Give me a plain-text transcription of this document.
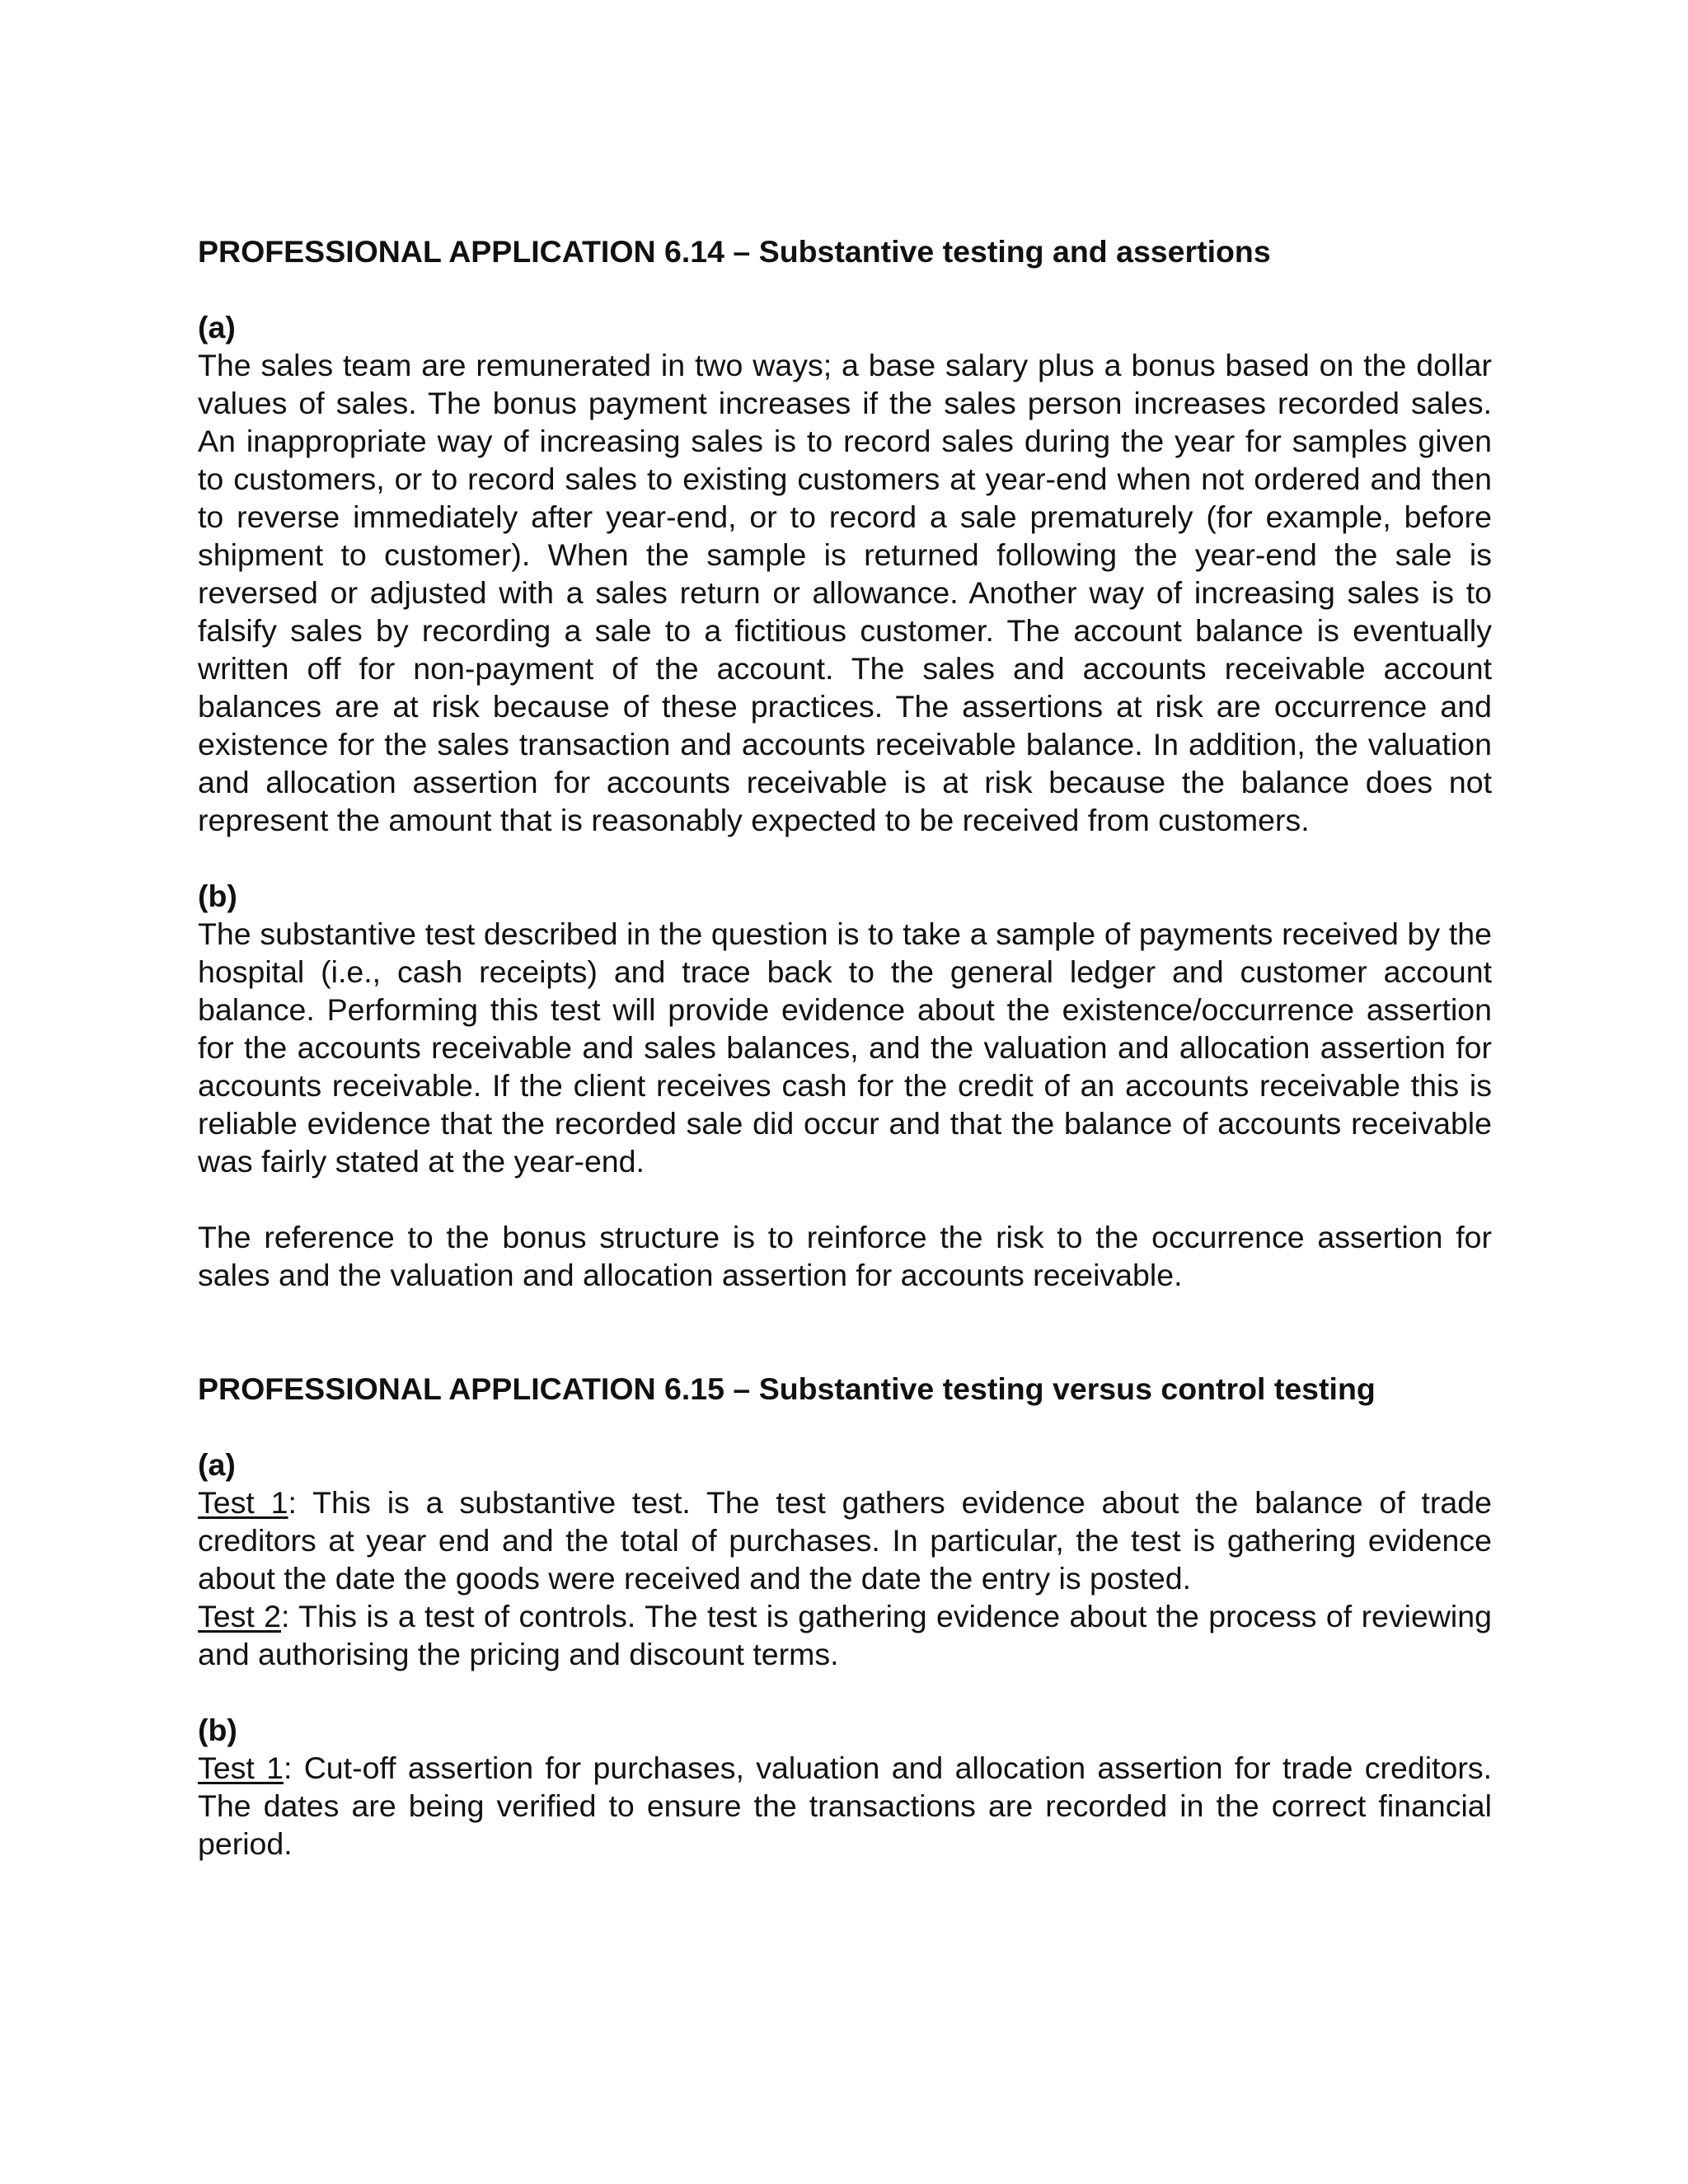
PROFESSIONAL APPLICATION 6.14 – Substantive testing and assertions

(a)

The sales team are remunerated in two ways; a base salary plus a bonus based on the dollar values of sales. The bonus payment increases if the sales person increases recorded sales. An inappropriate way of increasing sales is to record sales during the year for samples given to customers, or to record sales to existing customers at year-end when not ordered and then to reverse immediately after year-end, or to record a sale prematurely (for example, before shipment to customer). When the sample is returned following the year-end the sale is reversed or adjusted with a sales return or allowance. Another way of increasing sales is to falsify sales by recording a sale to a fictitious customer. The account balance is eventually written off for non-payment of the account. The sales and accounts receivable account balances are at risk because of these practices. The assertions at risk are occurrence and existence for the sales transaction and accounts receivable balance. In addition, the valuation and allocation assertion for accounts receivable is at risk because the balance does not represent the amount that is reasonably expected to be received from customers.

(b)

The substantive test described in the question is to take a sample of payments received by the hospital (i.e., cash receipts) and trace back to the general ledger and customer account balance. Performing this test will provide evidence about the existence/occurrence assertion for the accounts receivable and sales balances, and the valuation and allocation assertion for accounts receivable. If the client receives cash for the credit of an accounts receivable this is reliable evidence that the recorded sale did occur and that the balance of accounts receivable was fairly stated at the year-end.

The reference to the bonus structure is to reinforce the risk to the occurrence assertion for sales and the valuation and allocation assertion for accounts receivable.

PROFESSIONAL APPLICATION 6.15 – Substantive testing versus control testing

(a)

Test 1: This is a substantive test. The test gathers evidence about the balance of trade creditors at year end and the total of purchases. In particular, the test is gathering evidence about the date the goods were received and the date the entry is posted.

Test 2: This is a test of controls. The test is gathering evidence about the process of reviewing and authorising the pricing and discount terms.

(b)

Test 1: Cut-off assertion for purchases, valuation and allocation assertion for trade creditors. The dates are being verified to ensure the transactions are recorded in the correct financial period.
